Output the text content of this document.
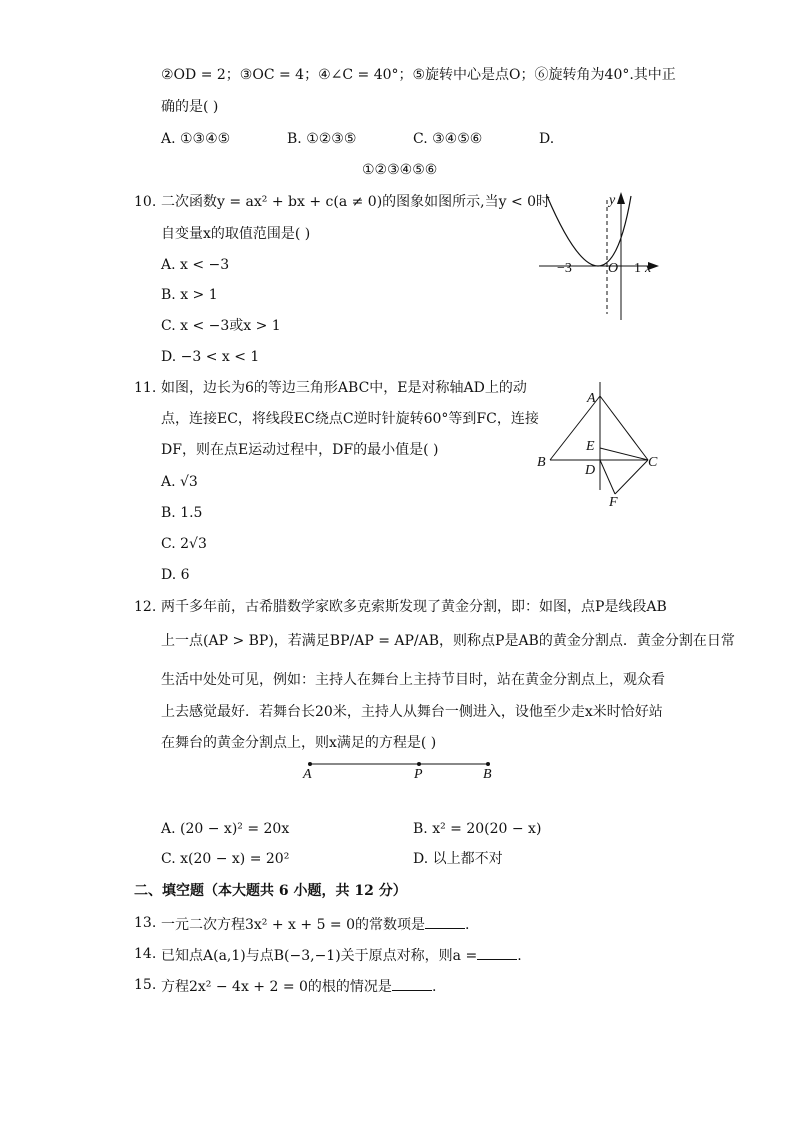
②OD = 2；③OC = 4；④∠C = 40°；⑤旋转中心是点O；⑥旋转角为40°.其中正
确的是( )
A. ①③④⑤	B. ①②③⑤	C. ③④⑤⑥	D.
①②③④⑤⑥
10. 二次函数y = ax² + bx + c(a ≠ 0)的图象如图所示,当y < 0时
自变量x的取值范围是( )
A. x < −3
B. x > 1
C. x < −3或x > 1
D. −3 < x < 1
y
x
O
−3	1
11. 如图，边长为6的等边三角形ABC中，E是对称轴AD上的动
点，连接EC，将线段EC绕点C逆时针旋转60°等到FC，连接
DF，则在点E运动过程中，DF的最小值是( )
A. √3
B. 1.5
C. 2√3
D. 6
A
B	C
D
E
F
12. 两千多年前，古希腊数学家欧多克索斯发现了黄金分割，即：如图，点P是线段AB
上一点(AP > BP)，若满足BP/AP = AP/AB，则称点P是AB的黄金分割点．黄金分割在日常
生活中处处可见，例如：主持人在舞台上主持节目时，站在黄金分割点上，观众看
上去感觉最好．若舞台长20米，主持人从舞台一侧进入，设他至少走x米时恰好站
在舞台的黄金分割点上，则x满足的方程是( )
A	P	B
A. (20 − x)² = 20x	B. x² = 20(20 − x)
C. x(20 − x) = 20²	D. 以上都不对
二、填空题（本大题共 6 小题，共 12 分）
13. 一元二次方程3x² + x + 5 = 0的常数项是	.
14. 已知点A(a,1)与点B(−3,−1)关于原点对称，则a =	.
15. 方程2x² − 4x + 2 = 0的根的情况是	.
